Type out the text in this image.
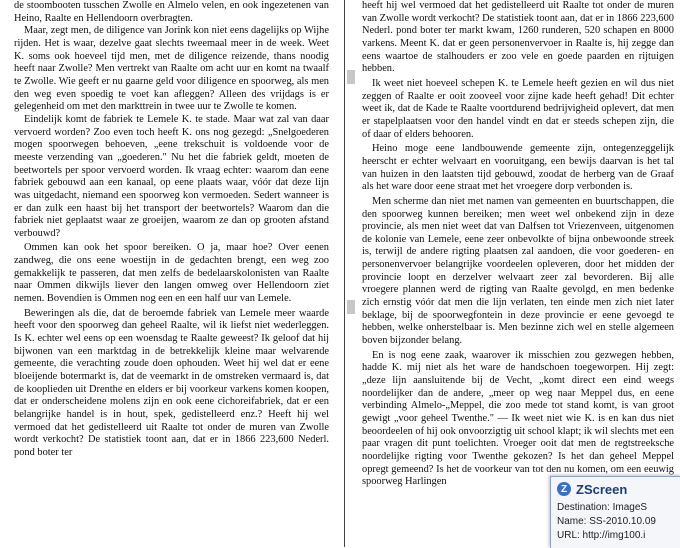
de stoombooten tusschen Zwolle en Almelo velen, en ook ingezetenen van Heino, Raalte en Hellendoorn overbragten.

Maar, zegt men, de diligence van Jorink kon niet eens dagelijks op Wijhe rijden. Het is waar, dezelve gaat slechts tweemaal meer in de week. Weet K. soms ook hoeveel tijd men, met de diligence reizende, thans noodig heeft naar Zwolle? Men vertrekt van Raalte om acht uur en komt na twaalf te Zwolle. Wie geeft er nu gaarne geld voor diligence en spoorweg, als men den weg even spoedig te voet kan afleggen? Alleen des vrijdags is er gelegenheid om met den markttrein in twee uur te Zwolle te komen.

Eindelijk komt de fabriek te Lemele K. te stade. Maar wat zal van daar vervoerd worden? Zoo even toch heeft K. ons nog gezegd: „Snelgoederen mogen spoorwegen behoeven, „eene trekschuit is voldoende voor de meeste verzending van „goederen." Nu het die fabriek geldt, moeten de beetwortels per spoor vervoerd worden. Ik vraag echter: waarom dan eene fabriek gebouwd aan een kanaal, op eene plaats waar, vóór dat deze lijn was uitgedacht, niemand een spoorweg kon vermoeden. Sedert wanneer is er dan zulk een haast bij het transport der beetwortels? Waarom dan die fabriek niet geplaatst waar ze groeijen, waarom ze dan op grooten afstand verbouwd?

Ommen kan ook het spoor bereiken. O ja, maar hoe? Over eenen zandweg, die ons eene woestijn in de gedachten brengt, een weg zoo gemakkelijk te passeren, dat men zelfs de bedelaarskolonisten van Raalte naar Ommen dikwijls liever den langen omweg over Hellendoorn ziet nemen. Bovendien is Ommen nog een en een half uur van Lemele.

Beweringen als die, dat de beroemde fabriek van Lemele meer waarde heeft voor den spoorweg dan geheel Raalte, wil ik liefst niet wederleggen. Is K. echter wel eens op een woensdag te Raalte geweest? Ik geloof dat hij bijwonen van een marktdag in de betrekkelijk kleine maar welvarende gemeente, die verachting zoude doen ophouden. Weet hij wel dat er eene bloeijende botermarkt is, dat de veemarkt in de omstreken vermaard is, dat de kooplieden uit Drenthe en elders er bij voorkeur varkens komen koopen, dat er onderscheidene molens zijn en ook eene cichoreifabriek, dat er een belangrijke handel is in hout, spek, gedistelleerd enz.? Heeft hij wel vermoed dat het gedistelleerd uit Raalte tot onder de muren van Zwolle wordt verkocht? De statistiek toont aan, dat er in 1866 223,600 Nederl. pond boter ter

heeft hij wel vermoed dat het gedistelleerd uit Raalte tot onder de muren van Zwolle wordt verkocht? De statistiek toont aan, dat er in 1866 223,600 Nederl. pond boter ter markt kwam, 1260 runderen, 520 schapen en 8000 varkens. Meent K. dat er geen personenvervoer in Raalte is, hij zegge dan eens waartoe de stalhouders er zoo vele en goede paarden en rijtuigen hebben.

Ik weet niet hoeveel schepen K. te Lemele heeft gezien en wil dus niet zeggen of Raalte er ooit zooveel voor zijne kade heeft gehad! Dit echter weet ik, dat de Kade te Raalte voortdurend bedrijvigheid oplevert, dat men er stapelplaatsen voor den handel vindt en dat er steeds schepen zijn, die of daar of elders behooren.

Heino moge eene landbouwende gemeente zijn, ontegenzeggelijk heerscht er echter welvaart en vooruitgang, een bewijs daarvan is het tal van huizen in den laatsten tijd gebouwd, zoodat de herberg van de Graaf als het ware door eene straat met het vroegere dorp verbonden is.

Men scherme dan niet met namen van gemeenten en buurtschappen, die den spoorweg kunnen bereiken; men weet wel onbekend zijn in deze provincie, als men niet weet dat van Dalfsen tot Vriezenveen, uitgenomen de kolonie van Lemele, eene zeer onbevolkte of bijna onbewoonde streek is, terwijl de andere rigting plaatsen zal aandoen, die voor goederen- en personenvervoer belangrijke voordeelen opleveren, door het midden der provincie loopt en derzelver welvaart zeer zal bevorderen. Bij alle vroegere plannen werd de rigting van Raalte gevolgd, en men bedenke zich ernstig vóór dat men die lijn verlaten, ten einde men zich niet later beklage, bij de spoorwegfontein in deze provincie er eene gevoegd te hebben, welke onherstelbaar is. Men bezinne zich wel en stelle algemeen boven bijzonder belang.

En is nog eene zaak, waarover ik misschien zou gezwegen hebben, hadde K. mij niet als het ware de handschoen toegeworpen. Hij zegt: „deze lijn aansluitende bij de Vecht, „komt direct een eind weegs noordelijker dan de andere, „meer op weg naar Meppel dus, en eene verbinding Almelo-„Meppel, die zoo mede tot stand komt, is van groot gewigt „voor geheel Twenthe." — Ik weet niet wie K. is en kan dus niet beoordeelen of hij ook onvoorzigtig uit school klapt; ik wil slechts met een paar vragen dit punt toelichten. Vroeger ooit dat men de regtstreeksche noordelijke rigting voor Twenthe gekozen? Is het dan geheel Meppel opregt gemeend? Is het de voorkeur van tot den nu komen, om een eeuwig spoorweg Harlingen

Z ZScreen
Destination: ImageS
Name: SS-2010.10.09
URL: http://img100.i
